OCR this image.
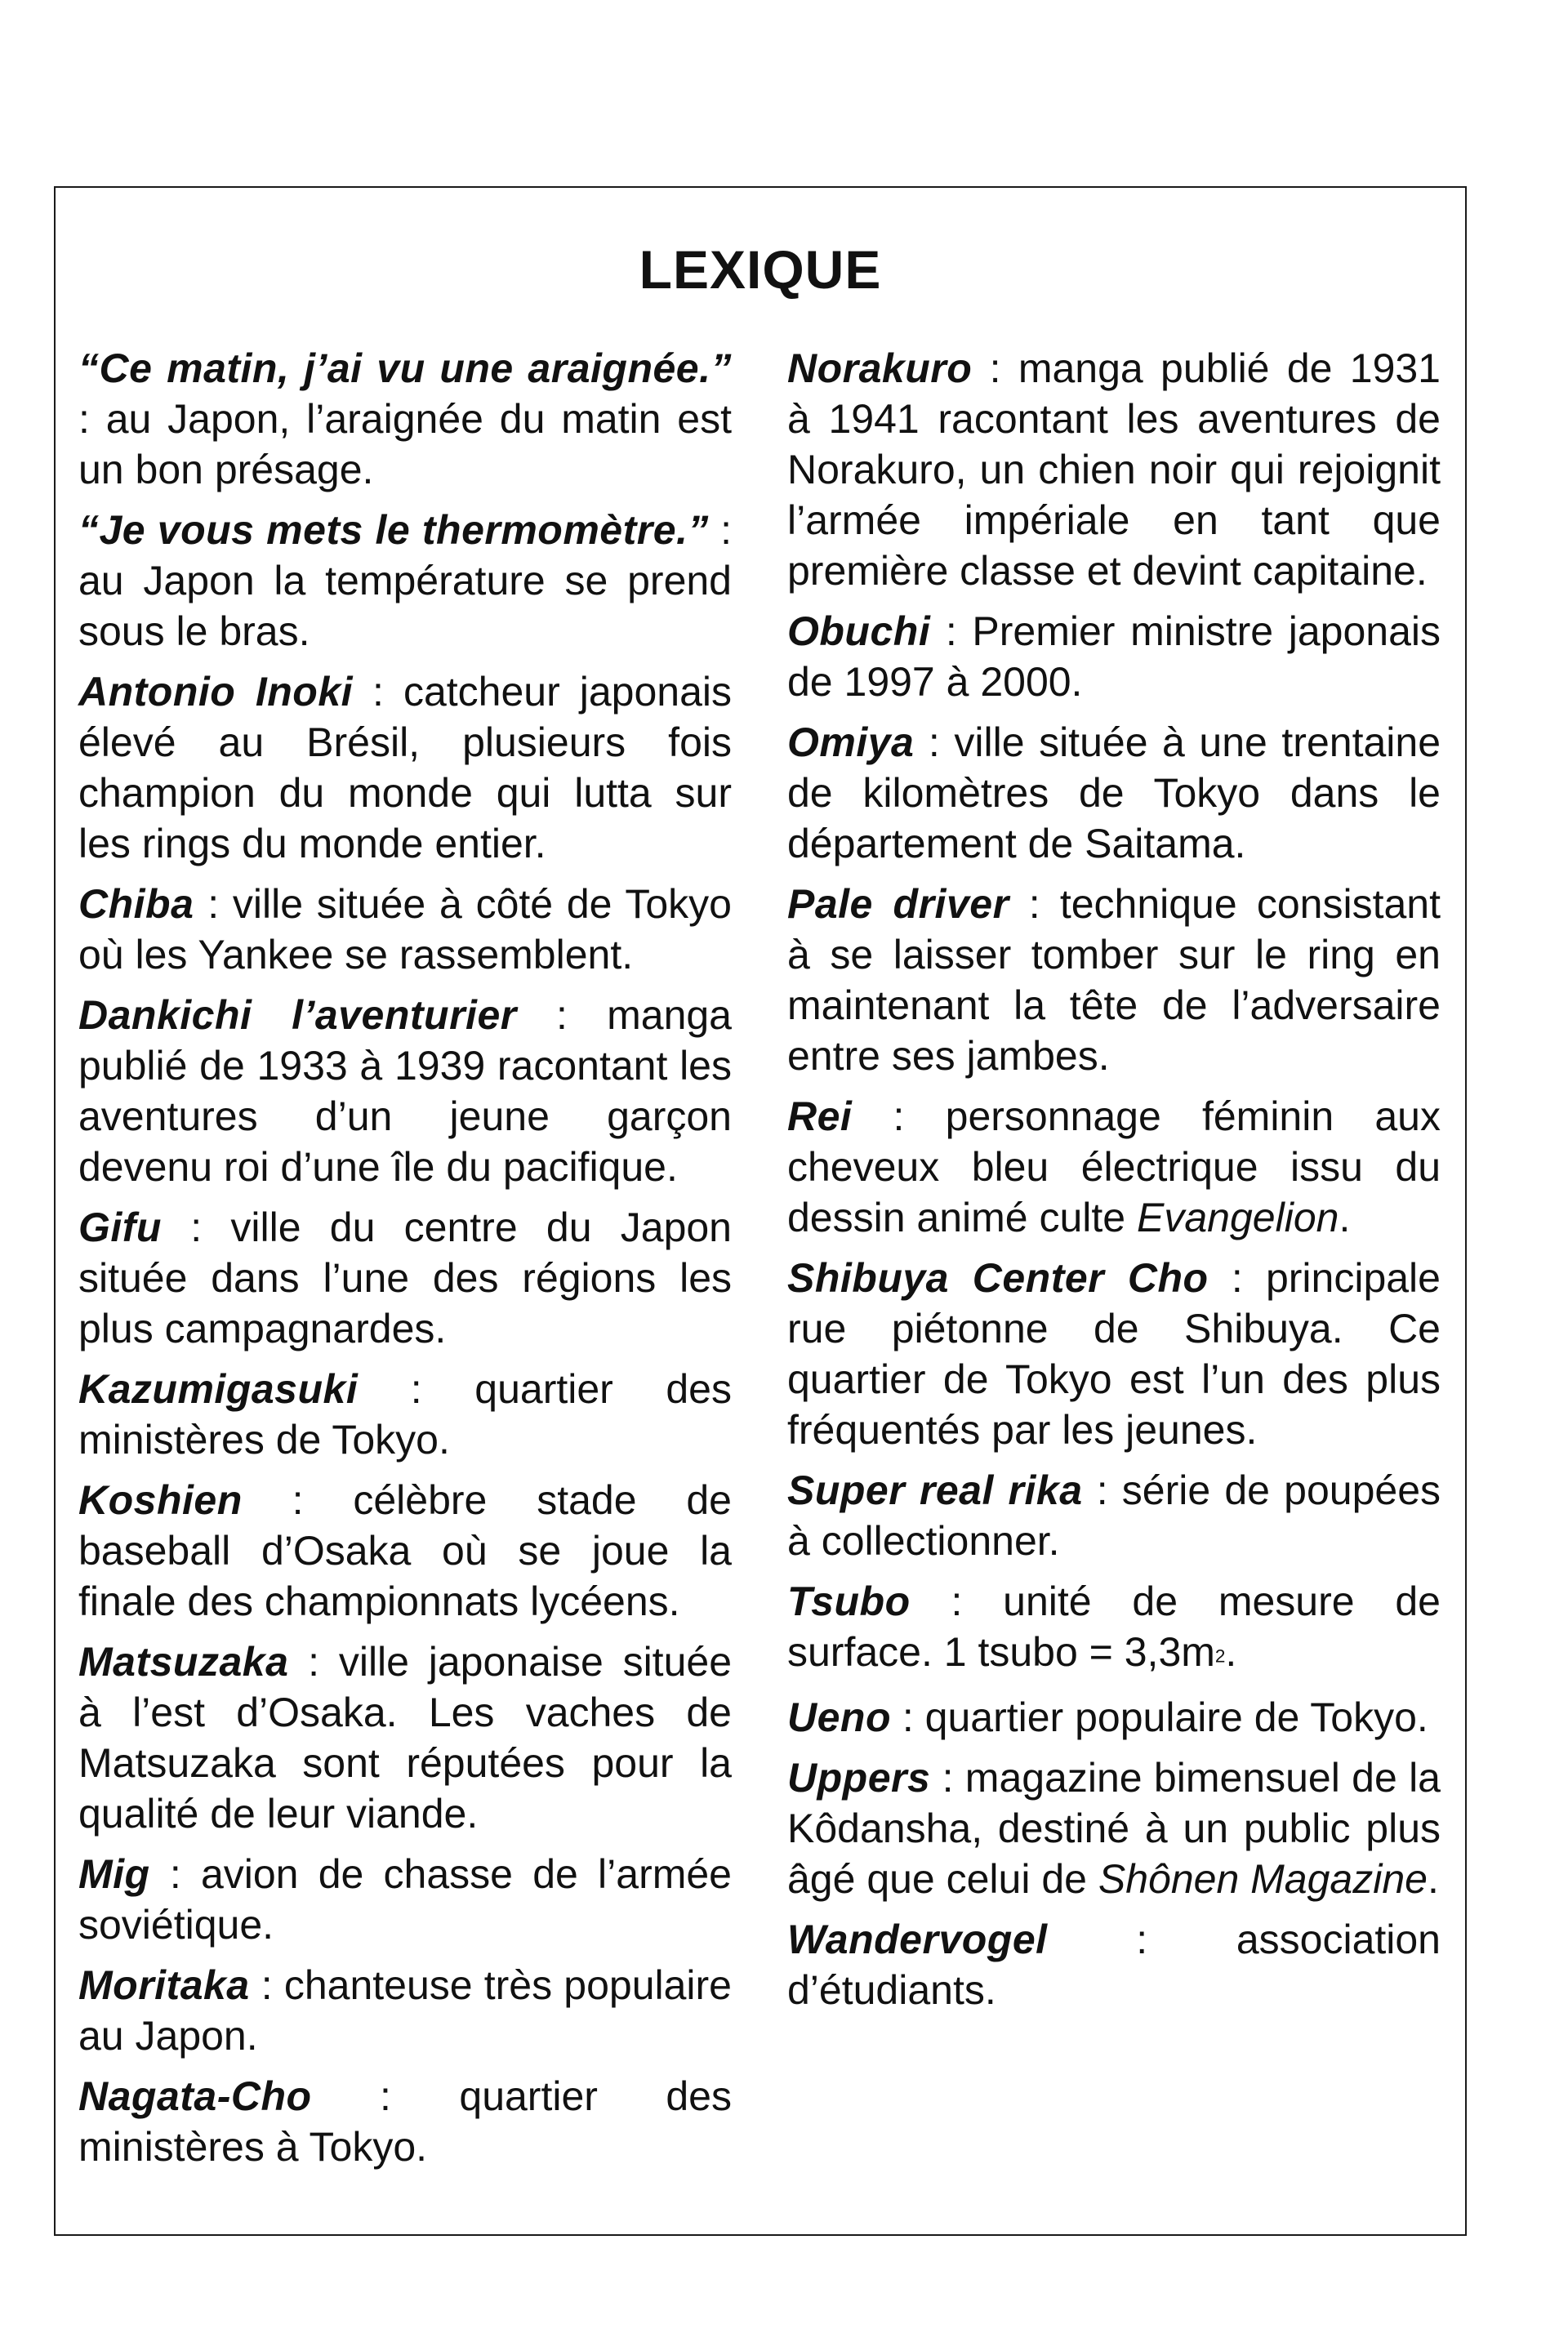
LEXIQUE

“Ce matin, j’ai vu une araignée.” : au Japon, l’araignée du matin est un bon présage.

“Je vous mets le thermomètre.” : au Japon la température se prend sous le bras.

Antonio Inoki : catcheur japonais élevé au Brésil, plusieurs fois champion du monde qui lutta sur les rings du monde entier.

Chiba : ville située à côté de Tokyo où les Yankee se rassemblent.

Dankichi l’aventurier : manga publié de 1933 à 1939 racontant les aventures d’un jeune garçon devenu roi d’une île du pacifique.

Gifu : ville du centre du Japon située dans l’une des régions les plus campagnardes.

Kazumigasuki : quartier des ministères de Tokyo.

Koshien : célèbre stade de baseball d’Osaka où se joue la finale des championnats lycéens.

Matsuzaka : ville japonaise située à l’est d’Osaka. Les vaches de Matsuzaka sont réputées pour la qualité de leur viande.

Mig : avion de chasse de l’armée soviétique.

Moritaka : chanteuse très populaire au Japon.

Nagata-Cho : quartier des ministères à Tokyo.

Norakuro : manga publié de 1931 à 1941 racontant les aventures de Norakuro, un chien noir qui rejoignit l’armée impériale en tant que première classe et devint capitaine.

Obuchi : Premier ministre japonais de 1997 à 2000.

Omiya : ville située à une trentaine de kilomètres de Tokyo dans le département de Saitama.

Pale driver : technique consistant à se laisser tomber sur le ring en maintenant la tête de l’adversaire entre ses jambes.

Rei : personnage féminin aux cheveux bleu électrique issu du dessin animé culte Evangelion.

Shibuya Center Cho : principale rue piétonne de Shibuya. Ce quartier de Tokyo est l’un des plus fréquentés par les jeunes.

Super real rika : série de poupées à collectionner.

Tsubo : unité de mesure de surface. 1 tsubo = $3,3m^2$.

Ueno : quartier populaire de Tokyo.

Uppers : magazine bimensuel de la Kôdansha, destiné à un public plus âgé que celui de Shônen Magazine.

Wandervogel : association d’étudiants.
